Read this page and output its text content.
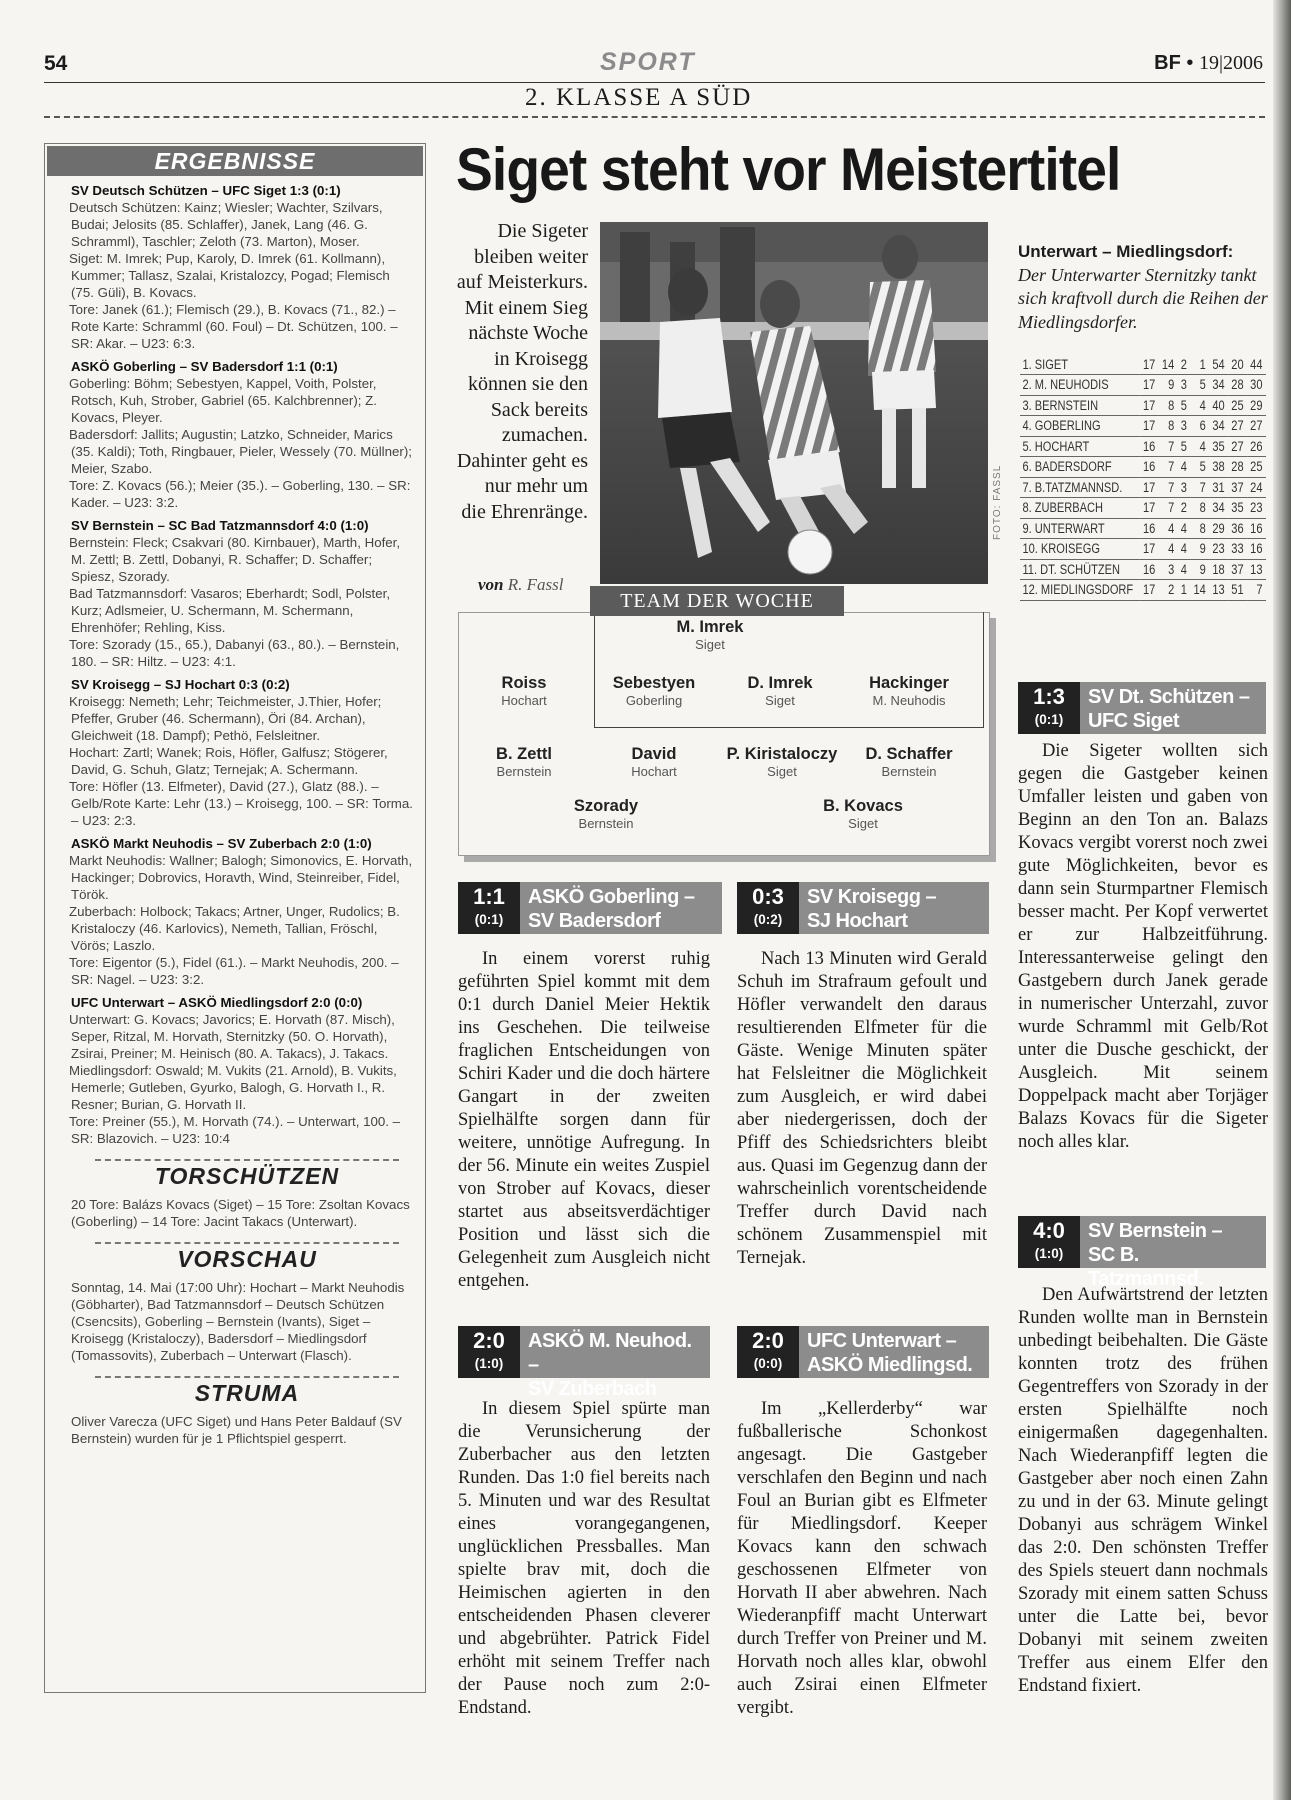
54	SPORT	BF • 19|2006
2. KLASSE A SÜD
ERGEBNISSE
SV Deutsch Schützen – UFC Siget 1:3 (0:1)

Deutsch Schützen: Kainz; Wiesler; Wachter, Szilvars, Budai; Jelosits (85. Schlaffer), Janek, Lang (46. G. Schramml), Taschler; Zeloth (73. Marton), Moser.

Siget: M. Imrek; Pup, Karoly, D. Imrek (61. Kollmann), Kummer; Tallasz, Szalai, Kristalozcy, Pogad; Flemisch (75. Güli), B. Kovacs.

Tore: Janek (61.); Flemisch (29.), B. Kovacs (71., 82.) – Rote Karte: Schramml (60. Foul) – Dt. Schützen, 100. – SR: Akar. – U23: 6:3.

ASKÖ Goberling – SV Badersdorf 1:1 (0:1)

Goberling: Böhm; Sebestyen, Kappel, Voith, Polster, Rotsch, Kuh, Strober, Gabriel (65. Kalchbrenner); Z. Kovacs, Pleyer.

Badersdorf: Jallits; Augustin; Latzko, Schneider, Marics (35. Kaldi); Toth, Ringbauer, Pieler, Wessely (70. Müllner); Meier, Szabo.

Tore: Z. Kovacs (56.); Meier (35.). – Goberling, 130. – SR: Kader. – U23: 3:2.

SV Bernstein – SC Bad Tatzmannsdorf 4:0 (1:0)

Bernstein: Fleck; Csakvari (80. Kirnbauer), Marth, Hofer, M. Zettl; B. Zettl, Dobanyi, R. Schaffer; D. Schaffer; Spiesz, Szorady.

Bad Tatzmannsdorf: Vasaros; Eberhardt; Sodl, Polster, Kurz; Adlsmeier, U. Schermann, M. Schermann, Ehrenhöfer; Rehling, Kiss.

Tore: Szorady (15., 65.), Dabanyi (63., 80.). – Bernstein, 180. – SR: Hiltz. – U23: 4:1.

SV Kroisegg – SJ Hochart 0:3 (0:2)

Kroisegg: Nemeth; Lehr; Teichmeister, J.Thier, Hofer; Pfeffer, Gruber (46. Schermann), Öri (84. Archan), Gleichweit (18. Dampf); Pethö, Felsleitner.

Hochart: Zartl; Wanek; Rois, Höfler, Galfusz; Stögerer, David, G. Schuh, Glatz; Ternejak; A. Schermann.

Tore: Höfler (13. Elfmeter), David (27.), Glatz (88.). – Gelb/Rote Karte: Lehr (13.) – Kroisegg, 100. – SR: Torma. – U23: 2:3.

ASKÖ Markt Neuhodis – SV Zuberbach 2:0 (1:0)

Markt Neuhodis: Wallner; Balogh; Simonovics, E. Horvath, Hackinger; Dobrovics, Horavth, Wind, Steinreiber, Fidel, Török.

Zuberbach: Holbock; Takacs; Artner, Unger, Rudolics; B. Kristaloczy (46. Karlovics), Nemeth, Tallian, Fröschl, Vörös; Laszlo.

Tore: Eigentor (5.), Fidel (61.). – Markt Neuhodis, 200. – SR: Nagel. – U23: 3:2.

UFC Unterwart – ASKÖ Miedlingsdorf 2:0 (0:0)

Unterwart: G. Kovacs; Javorics; E. Horvath (87. Misch), Seper, Ritzal, M. Horvath, Sternitzky (50. O. Horvath), Zsirai, Preiner; M. Heinisch (80. A. Takacs), J. Takacs.

Miedlingsdorf: Oswald; M. Vukits (21. Arnold), B. Vukits, Hemerle; Gutleben, Gyurko, Balogh, G. Horvath I., R. Resner; Burian, G. Horvath II.

Tore: Preiner (55.), M. Horvath (74.). – Unterwart, 100. – SR: Blazovich. – U23: 10:4

TORSCHÜTZEN
20 Tore: Balázs Kovacs (Siget) – 15 Tore: Zsoltan Kovacs (Goberling) – 14 Tore: Jacint Takacs (Unterwart).
VORSCHAU
Sonntag, 14. Mai (17:00 Uhr): Hochart – Markt Neuhodis (Göbharter), Bad Tatzmannsdorf – Deutsch Schützen (Csencsits), Goberling – Bernstein (Ivants), Siget – Kroisegg (Kristaloczy), Badersdorf – Miedlingsdorf (Tomassovits), Zuberbach – Unterwart (Flasch).
STRUMA
Oliver Varecza (UFC Siget) und Hans Peter Baldauf (SV Bernstein) wurden für je 1 Pflichtspiel gesperrt.
Siget steht vor Meistertitel
Die Sigeter bleiben weiter auf Meisterkurs. Mit einem Sieg nächste Woche in Kroisegg können sie den Sack bereits zumachen. Dahinter geht es nur mehr um die Ehrenränge.
von R. Fassl
FOTO: FASSL
TEAM DER WOCHE
M. Imrek
Siget
Roiss
Hochart
Sebestyen
Goberling
D. Imrek
Siget
Hackinger
M. Neuhodis
B. Zettl
Bernstein
David
Hochart
P. Kiristaloczy
Siget
D. Schaffer
Bernstein
Szorady
Bernstein
B. Kovacs
Siget
Unterwart – Miedlingsdorf:
Der Unterwarter Sternitzky tankt sich kraftvoll durch die Reihen der Miedlingsdorfer.
1. SIGET	17	14	2	1	54	20	44
2. M. NEUHODIS	17	9	3	5	34	28	30
3. BERNSTEIN	17	8	5	4	40	25	29
4. GOBERLING	17	8	3	6	34	27	27
5. HOCHART	16	7	5	4	35	27	26
6. BADERSDORF	16	7	4	5	38	28	25
7. B.TATZMANNSD.	17	7	3	7	31	37	24
8. ZUBERBACH	17	7	2	8	34	35	23
9. UNTERWART	16	4	4	8	29	36	16
10. KROISEGG	17	4	4	9	23	33	16
11. DT. SCHÜTZEN	16	3	4	9	18	37	13
12. MIEDLINGSDORF	17	2	1	14	13	51	7
1:1
(0:1)
ASKÖ Goberling –
SV Badersdorf
0:3
(0:2)
SV Kroisegg –
SJ Hochart

In einem vorerst ruhig geführten Spiel kommt mit dem 0:1 durch Daniel Meier Hektik ins Geschehen. Die teilweise fraglichen Entscheidungen von Schiri Kader und die doch härtere Gangart in der zweiten Spielhälfte sorgen dann für weitere, unnötige Aufregung. In der 56. Minute ein weites Zuspiel von Strober auf Kovacs, dieser startet aus abseitsverdächtiger Position und lässt sich die Gelegenheit zum Ausgleich nicht entgehen.

Nach 13 Minuten wird Gerald Schuh im Strafraum gefoult und Höfler verwandelt den daraus resultierenden Elfmeter für die Gäste. Wenige Minuten später hat Felsleitner die Möglichkeit zum Ausgleich, er wird dabei aber niedergerissen, doch der Pfiff des Schiedsrichters bleibt aus. Quasi im Gegenzug dann der wahrscheinlich vorentscheidende Treffer durch David nach schönem Zusammenspiel mit Ternejak.

2:0
(1:0)
ASKÖ M. Neuhod. –
SV Zuberbach
2:0
(0:0)
UFC Unterwart –
ASKÖ Miedlingsd.

In diesem Spiel spürte man die Verunsicherung der Zuberbacher aus den letzten Runden. Das 1:0 fiel bereits nach 5. Minuten und war des Resultat eines vorangegangenen, unglücklichen Pressballes. Man spielte brav mit, doch die Heimischen agierten in den entscheidenden Phasen cleverer und abgebrühter. Patrick Fidel erhöht mit seinem Treffer nach der Pause noch zum 2:0-Endstand.

Im „Kellerderby“ war fußballerische Schonkost angesagt. Die Gastgeber verschlafen den Beginn und nach Foul an Burian gibt es Elfmeter für Miedlingsdorf. Keeper Kovacs kann den schwach geschossenen Elfmeter von Horvath II aber abwehren. Nach Wiederanpfiff macht Unterwart durch Treffer von Preiner und M. Horvath noch alles klar, obwohl auch Zsirai einen Elfmeter vergibt.

1:3
(0:1)
SV Dt. Schützen –
UFC Siget

Die Sigeter wollten sich gegen die Gastgeber keinen Umfaller leisten und gaben von Beginn an den Ton an. Balazs Kovacs vergibt vorerst noch zwei gute Möglichkeiten, bevor es dann sein Sturmpartner Flemisch besser macht. Per Kopf verwertet er zur Halbzeitführung. Interessanterweise gelingt den Gastgebern durch Janek gerade in numerischer Unterzahl, zuvor wurde Schramml mit Gelb/Rot unter die Dusche geschickt, der Ausgleich. Mit seinem Doppelpack macht aber Torjäger Balazs Kovacs für die Sigeter noch alles klar.

4:0
(1:0)
SV Bernstein –
SC B. Tatzmannsd.

Den Aufwärtstrend der letzten Runden wollte man in Bernstein unbedingt beibehalten. Die Gäste konnten trotz des frühen Gegentreffers von Szorady in der ersten Spielhälfte noch einigermaßen dagegenhalten. Nach Wiederanpfiff legten die Gastgeber aber noch einen Zahn zu und in der 63. Minute gelingt Dobanyi aus schrägem Winkel das 2:0. Den schönsten Treffer des Spiels steuert dann nochmals Szorady mit einem satten Schuss unter die Latte bei, bevor Dobanyi mit seinem zweiten Treffer aus einem Elfer den Endstand fixiert.
